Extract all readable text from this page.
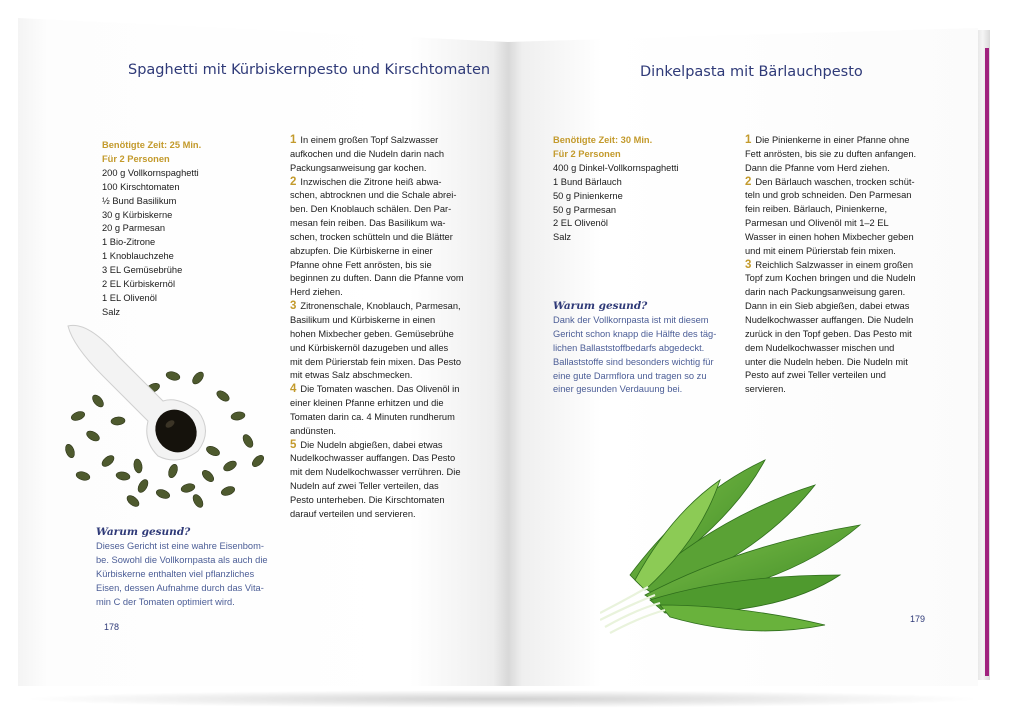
Spaghetti mit Kürbiskernpesto und Kirschtomaten
Benötigte Zeit: 25 Min.
Für 2 Personen
200 g Vollkornspaghetti
100 Kirschtomaten
½ Bund Basilikum
30 g Kürbiskerne
20 g Parmesan
1 Bio-Zitrone
1 Knoblauchzehe
3 EL Gemüsebrühe
2 EL Kürbiskernöl
1 EL Olivenöl
Salz
1 In einem großen Topf Salzwasser
aufkochen und die Nudeln darin nach
Packungsanweisung gar kochen.
2 Inzwischen die Zitrone heiß abwa-
schen, abtrocknen und die Schale abrei-
ben. Den Knoblauch schälen. Den Par-
mesan fein reiben. Das Basilikum wa-
schen, trocken schütteln und die Blätter
abzupfen. Die Kürbiskerne in einer
Pfanne ohne Fett anrösten, bis sie
beginnen zu duften. Dann die Pfanne vom
Herd ziehen.
3 Zitronenschale, Knoblauch, Parmesan,
Basilikum und Kürbiskerne in einen
hohen Mixbecher geben. Gemüsebrühe
und Kürbiskernöl dazugeben und alles
mit dem Pürierstab fein mixen. Das Pesto
mit etwas Salz abschmecken.
4 Die Tomaten waschen. Das Olivenöl in
einer kleinen Pfanne erhitzen und die
Tomaten darin ca. 4 Minuten rundherum
andünsten.
5 Die Nudeln abgießen, dabei etwas
Nudelkochwasser auffangen. Das Pesto
mit dem Nudelkochwasser verrühren. Die
Nudeln auf zwei Teller verteilen, das
Pesto unterheben. Die Kirschtomaten
darauf verteilen und servieren.
Warum gesund?
Dieses Gericht ist eine wahre Eisenbom-
be. Sowohl die Vollkornpasta als auch die
Kürbiskerne enthalten viel pflanzliches
Eisen, dessen Aufnahme durch das Vita-
min C der Tomaten optimiert wird.
178
Dinkelpasta mit Bärlauchpesto
Benötigte Zeit: 30 Min.
Für 2 Personen
400 g Dinkel-Vollkornspaghetti
1 Bund Bärlauch
50 g Pinienkerne
50 g Parmesan
2 EL Olivenöl
Salz
Warum gesund?
Dank der Vollkornpasta ist mit diesem
Gericht schon knapp die Hälfte des täg-
lichen Ballaststoffbedarfs abgedeckt.
Ballaststoffe sind besonders wichtig für
eine gute Darmflora und tragen so zu
einer gesunden Verdauung bei.
1 Die Pinienkerne in einer Pfanne ohne
Fett anrösten, bis sie zu duften anfangen.
Dann die Pfanne vom Herd ziehen.
2 Den Bärlauch waschen, trocken schüt-
teln und grob schneiden. Den Parmesan
fein reiben. Bärlauch, Pinienkerne,
Parmesan und Olivenöl mit 1–2 EL
Wasser in einen hohen Mixbecher geben
und mit einem Pürierstab fein mixen.
3 Reichlich Salzwasser in einem großen
Topf zum Kochen bringen und die Nudeln
darin nach Packungsanweisung garen.
Dann in ein Sieb abgießen, dabei etwas
Nudelkochwasser auffangen. Die Nudeln
zurück in den Topf geben. Das Pesto mit
dem Nudelkochwasser mischen und
unter die Nudeln heben. Die Nudeln mit
Pesto auf zwei Teller verteilen und
servieren.
179
